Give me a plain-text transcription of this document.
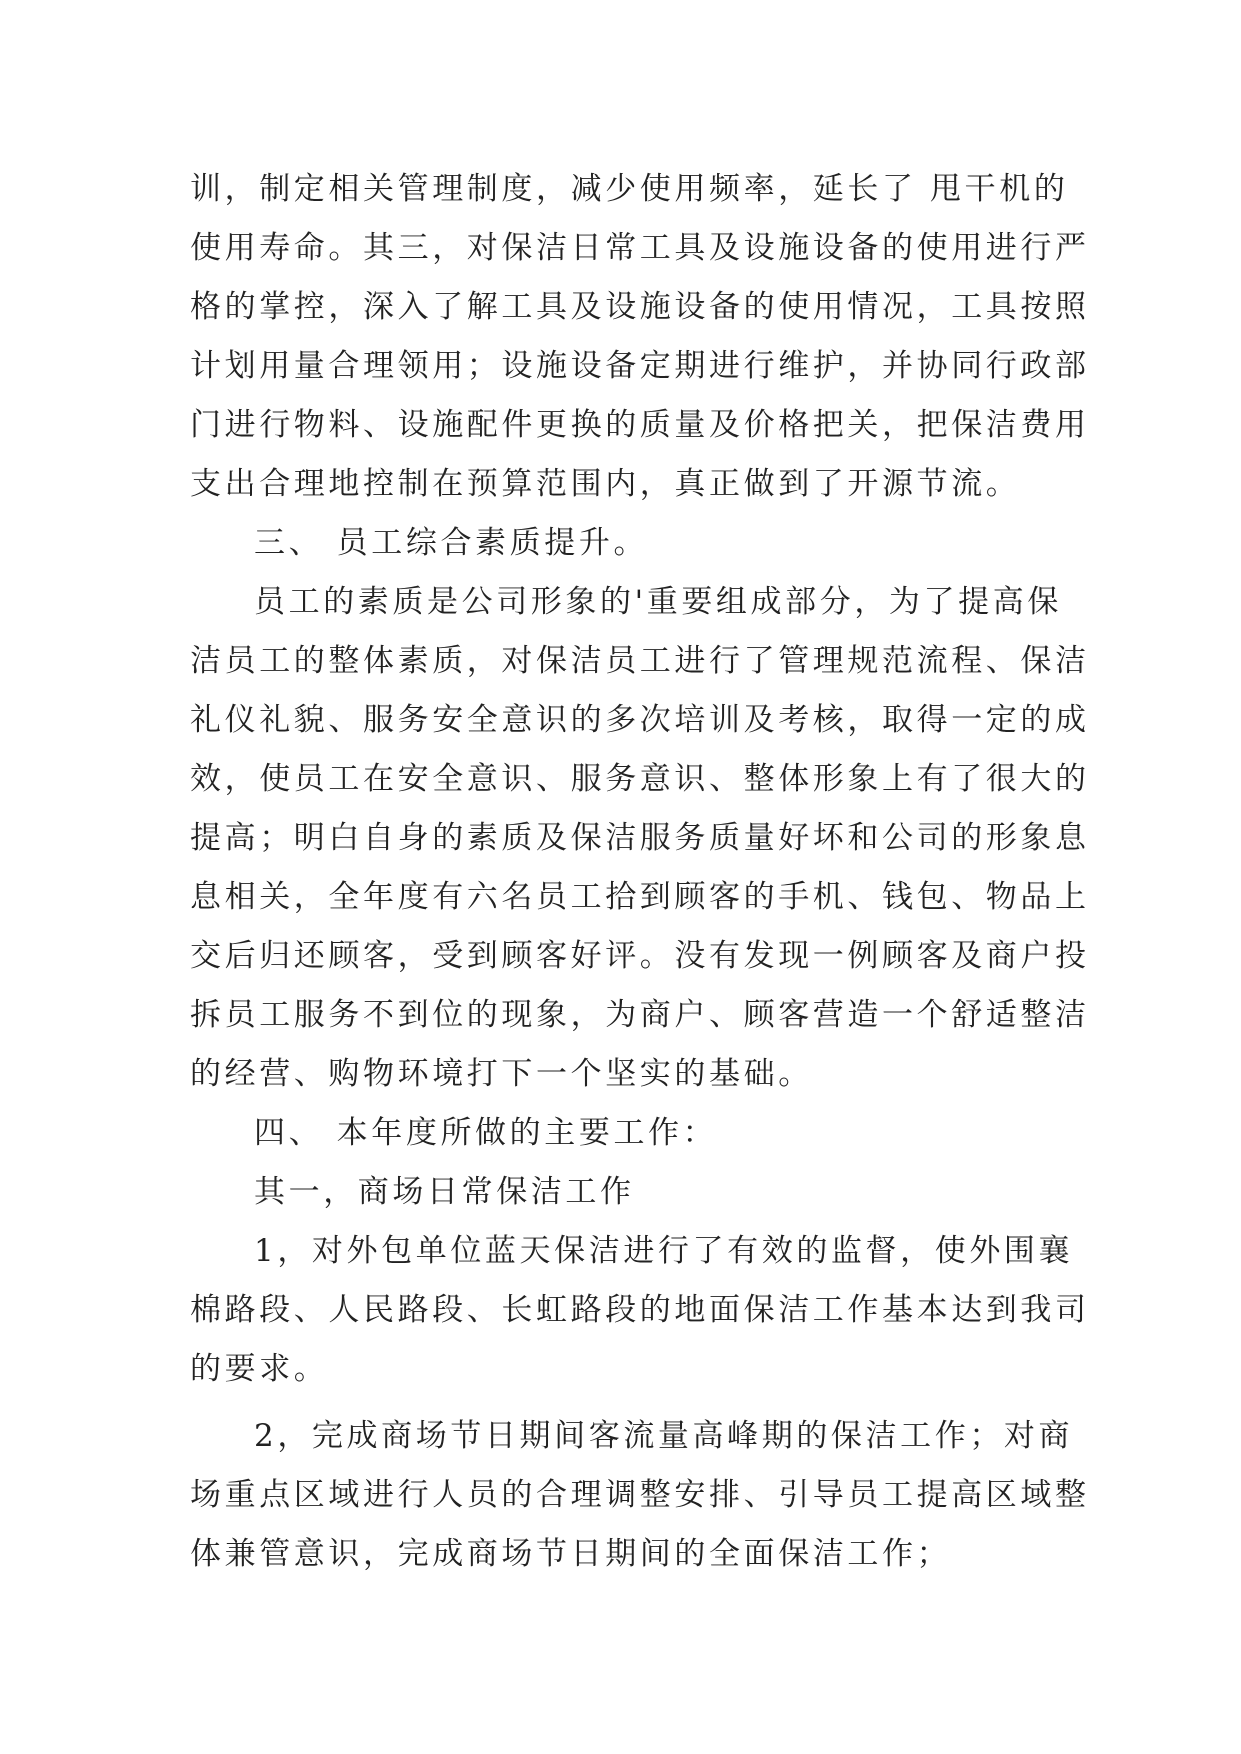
训，制定相关管理制度，减少使用频率，延长了 甩干机的
使用寿命。其三，对保洁日常工具及设施设备的使用进行严
格的掌控，深入了解工具及设施设备的使用情况，工具按照
计划用量合理领用；设施设备定期进行维护，并协同行政部
门进行物料、设施配件更换的质量及价格把关，把保洁费用
支出合理地控制在预算范围内，真正做到了开源节流。
三、 员工综合素质提升。
员工的素质是公司形象的'重要组成部分，为了提高保
洁员工的整体素质，对保洁员工进行了管理规范流程、保洁
礼仪礼貌、服务安全意识的多次培训及考核，取得一定的成
效，使员工在安全意识、服务意识、整体形象上有了很大的
提高；明白自身的素质及保洁服务质量好坏和公司的形象息
息相关，全年度有六名员工拾到顾客的手机、钱包、物品上
交后归还顾客，受到顾客好评。没有发现一例顾客及商户投
拆员工服务不到位的现象，为商户、顾客营造一个舒适整洁
的经营、购物环境打下一个坚实的基础。
四、 本年度所做的主要工作：
其一，商场日常保洁工作
1，对外包单位蓝天保洁进行了有效的监督，使外围襄
棉路段、人民路段、长虹路段的地面保洁工作基本达到我司
的要求。
2，完成商场节日期间客流量高峰期的保洁工作；对商
场重点区域进行人员的合理调整安排、引导员工提高区域整
体兼管意识，完成商场节日期间的全面保洁工作；
